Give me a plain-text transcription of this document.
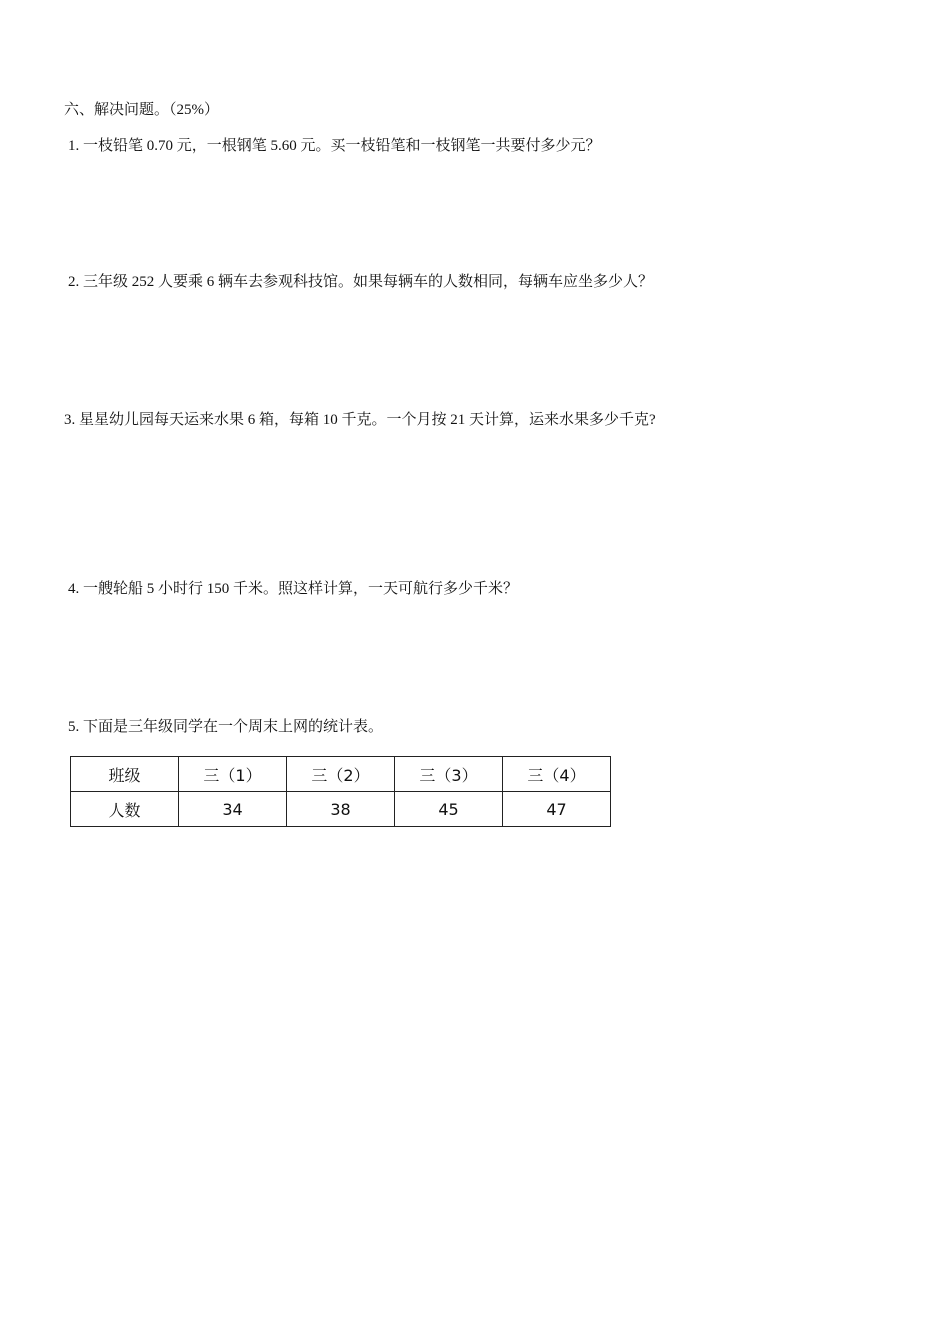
六、解决问题。（25%）
1. 一枝铅笔 0.70 元，一根钢笔 5.60 元。买一枝铅笔和一枝钢笔一共要付多少元？
2. 三年级 252 人要乘 6 辆车去参观科技馆。如果每辆车的人数相同，每辆车应坐多少人？
3. 星星幼儿园每天运来水果 6 箱，每箱 10 千克。一个月按 21 天计算，运来水果多少千克?
4. 一艘轮船 5 小时行 150 千米。照这样计算，一天可航行多少千米？
5. 下面是三年级同学在一个周末上网的统计表。
班级	三（1）	三（2）	三（3）	三（4）
人数	34	38	45	47
